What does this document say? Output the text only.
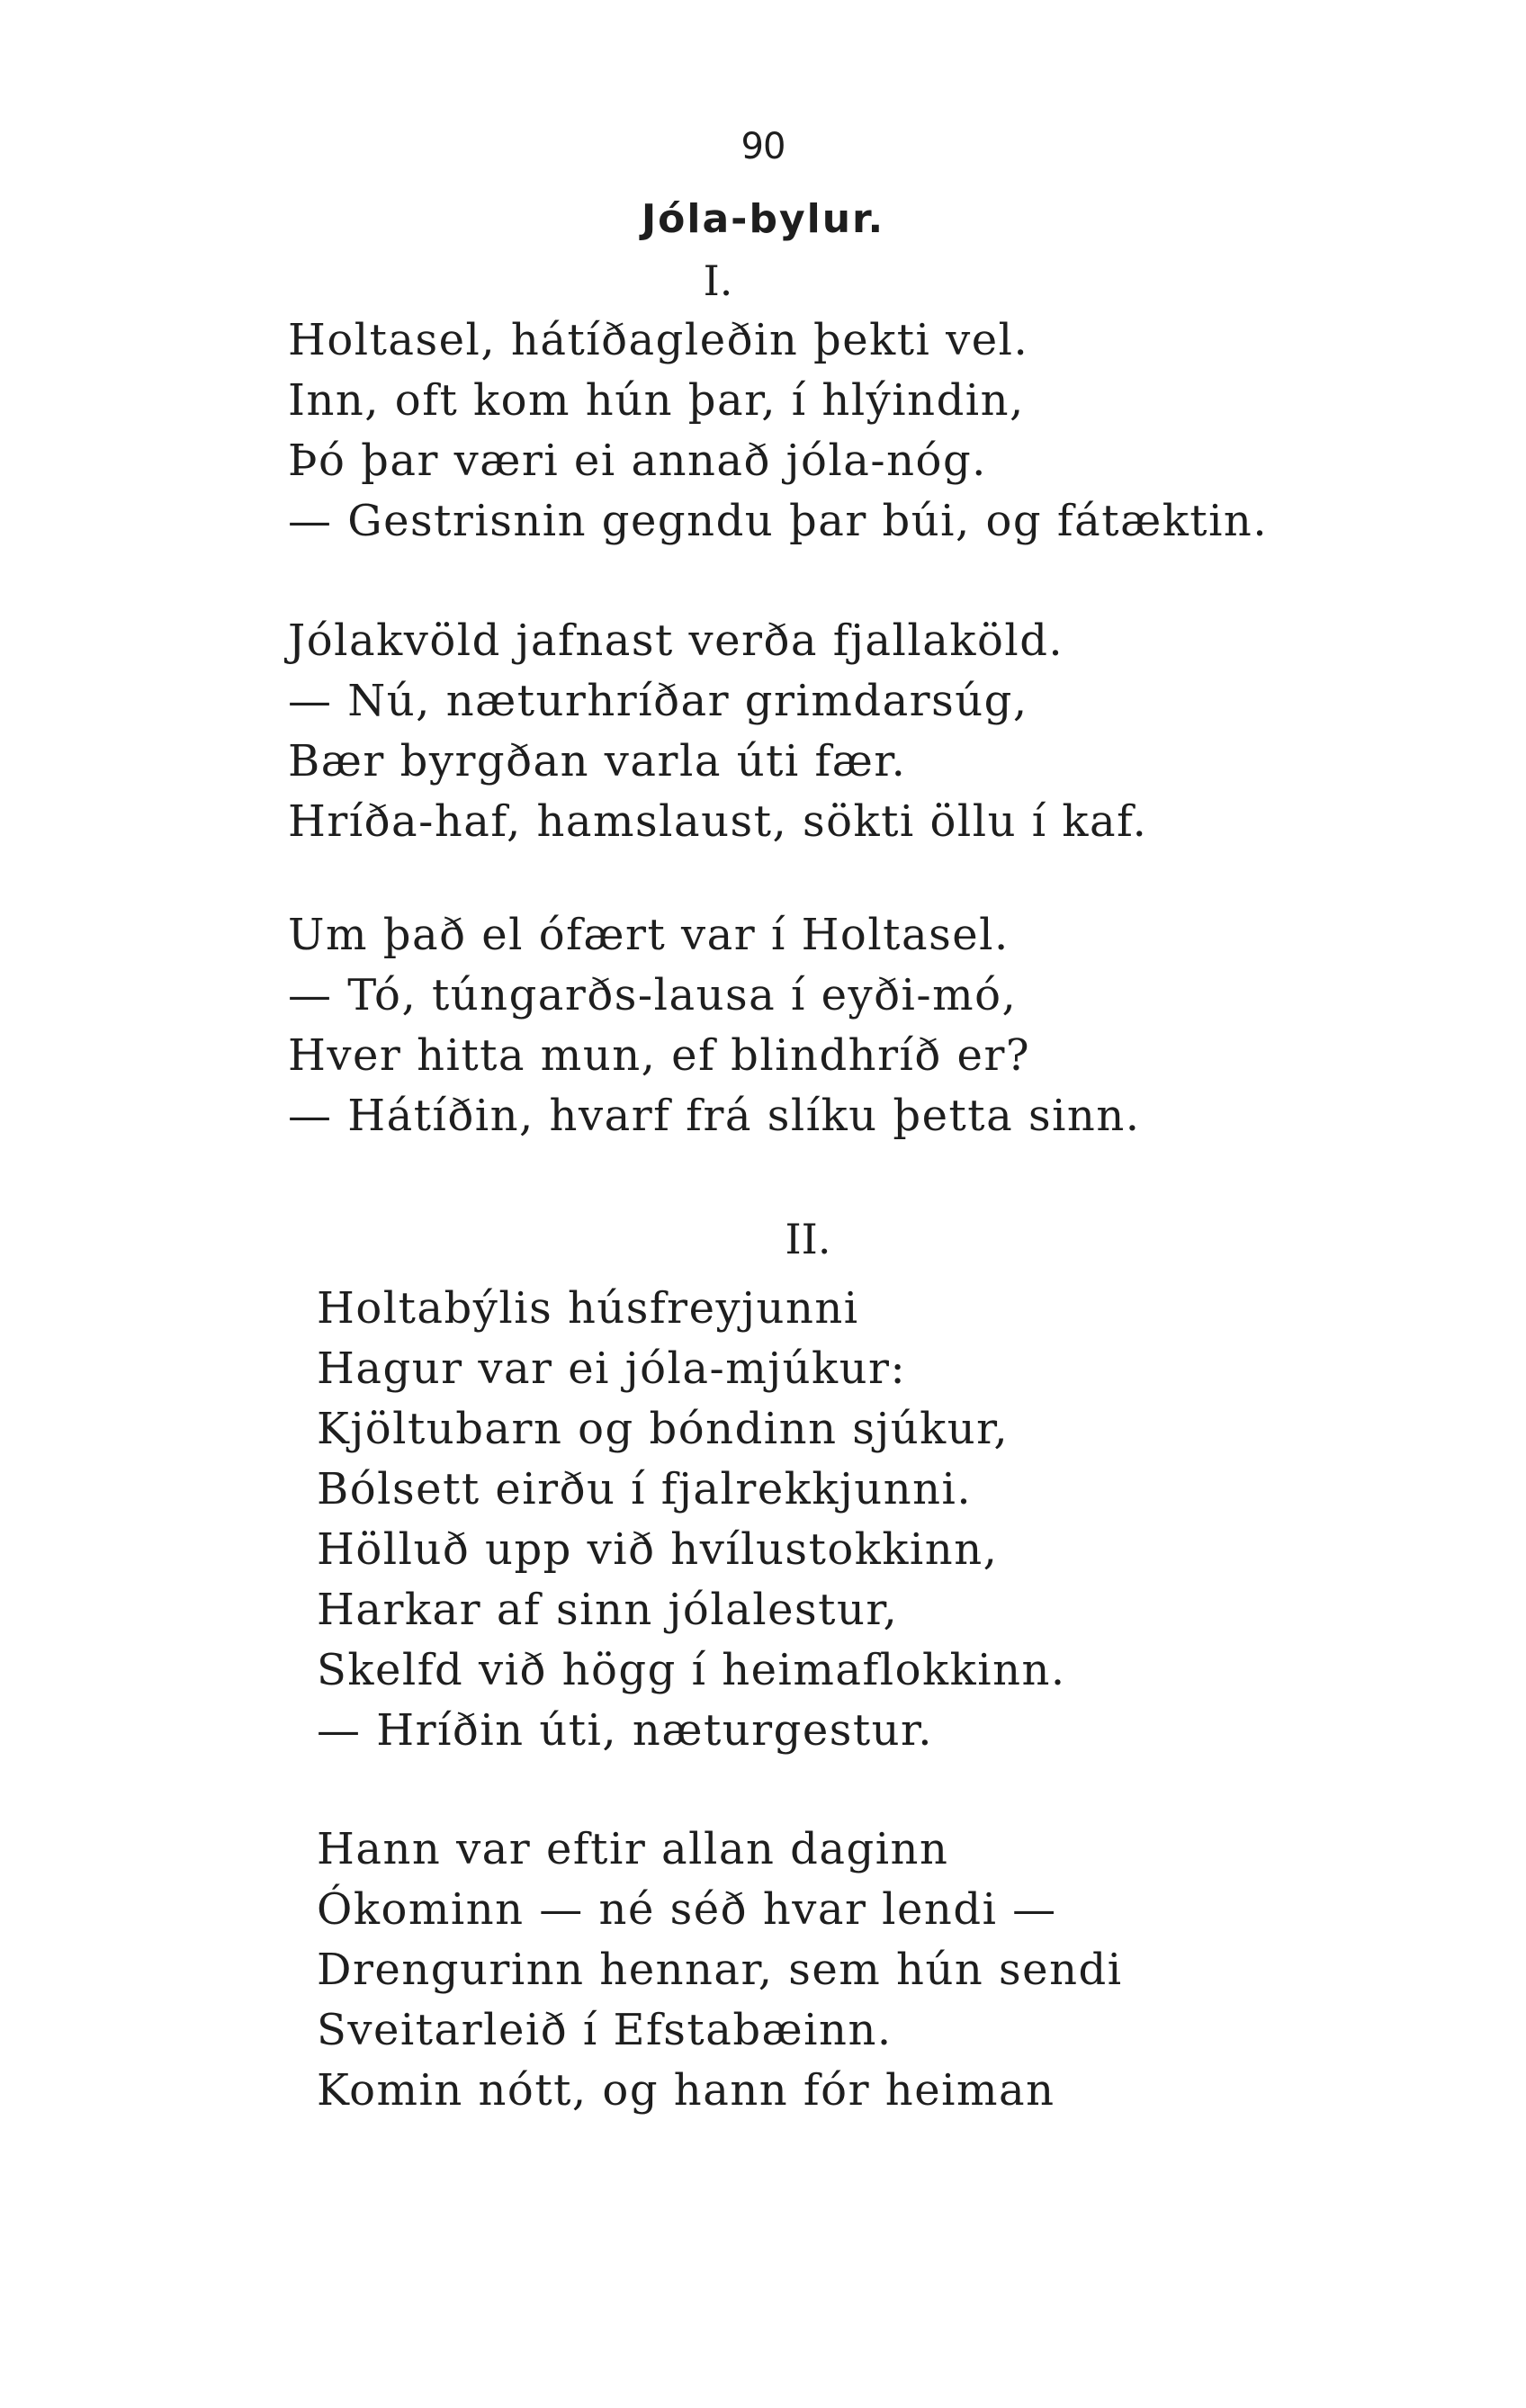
90
Jóla-bylur.
I.
Holtasel, hátíðagleðin þekti vel.
Inn, oft kom hún þar, í hlýindin,
Þó þar væri ei annað jóla-nóg.
— Gestrisnin gegndu þar búi, og fátæktin.
Jólakvöld jafnast verða fjallaköld.
— Nú, næturhríðar grimdarsúg,
Bær byrgðan varla úti fær.
Hríða-haf, hamslaust, sökti öllu í kaf.
Um það el ófært var í Holtasel.
— Tó, túngarðs-lausa í eyði-mó,
Hver hitta mun, ef blindhríð er?
— Hátíðin, hvarf frá slíku þetta sinn.
II.
Holtabýlis húsfreyjunni
Hagur var ei jóla-mjúkur:
Kjöltubarn og bóndinn sjúkur,
Bólsett eirðu í fjalrekkjunni.
Hölluð upp við hvílustokkinn,
Harkar af sinn jólalestur,
Skelfd við högg í heimaflokkinn.
— Hríðin úti, næturgestur.
Hann var eftir allan daginn
Ókominn — né séð hvar lendi —
Drengurinn hennar, sem hún sendi
Sveitarleið í Efstabæinn.
Komin nótt, og hann fór heiman
